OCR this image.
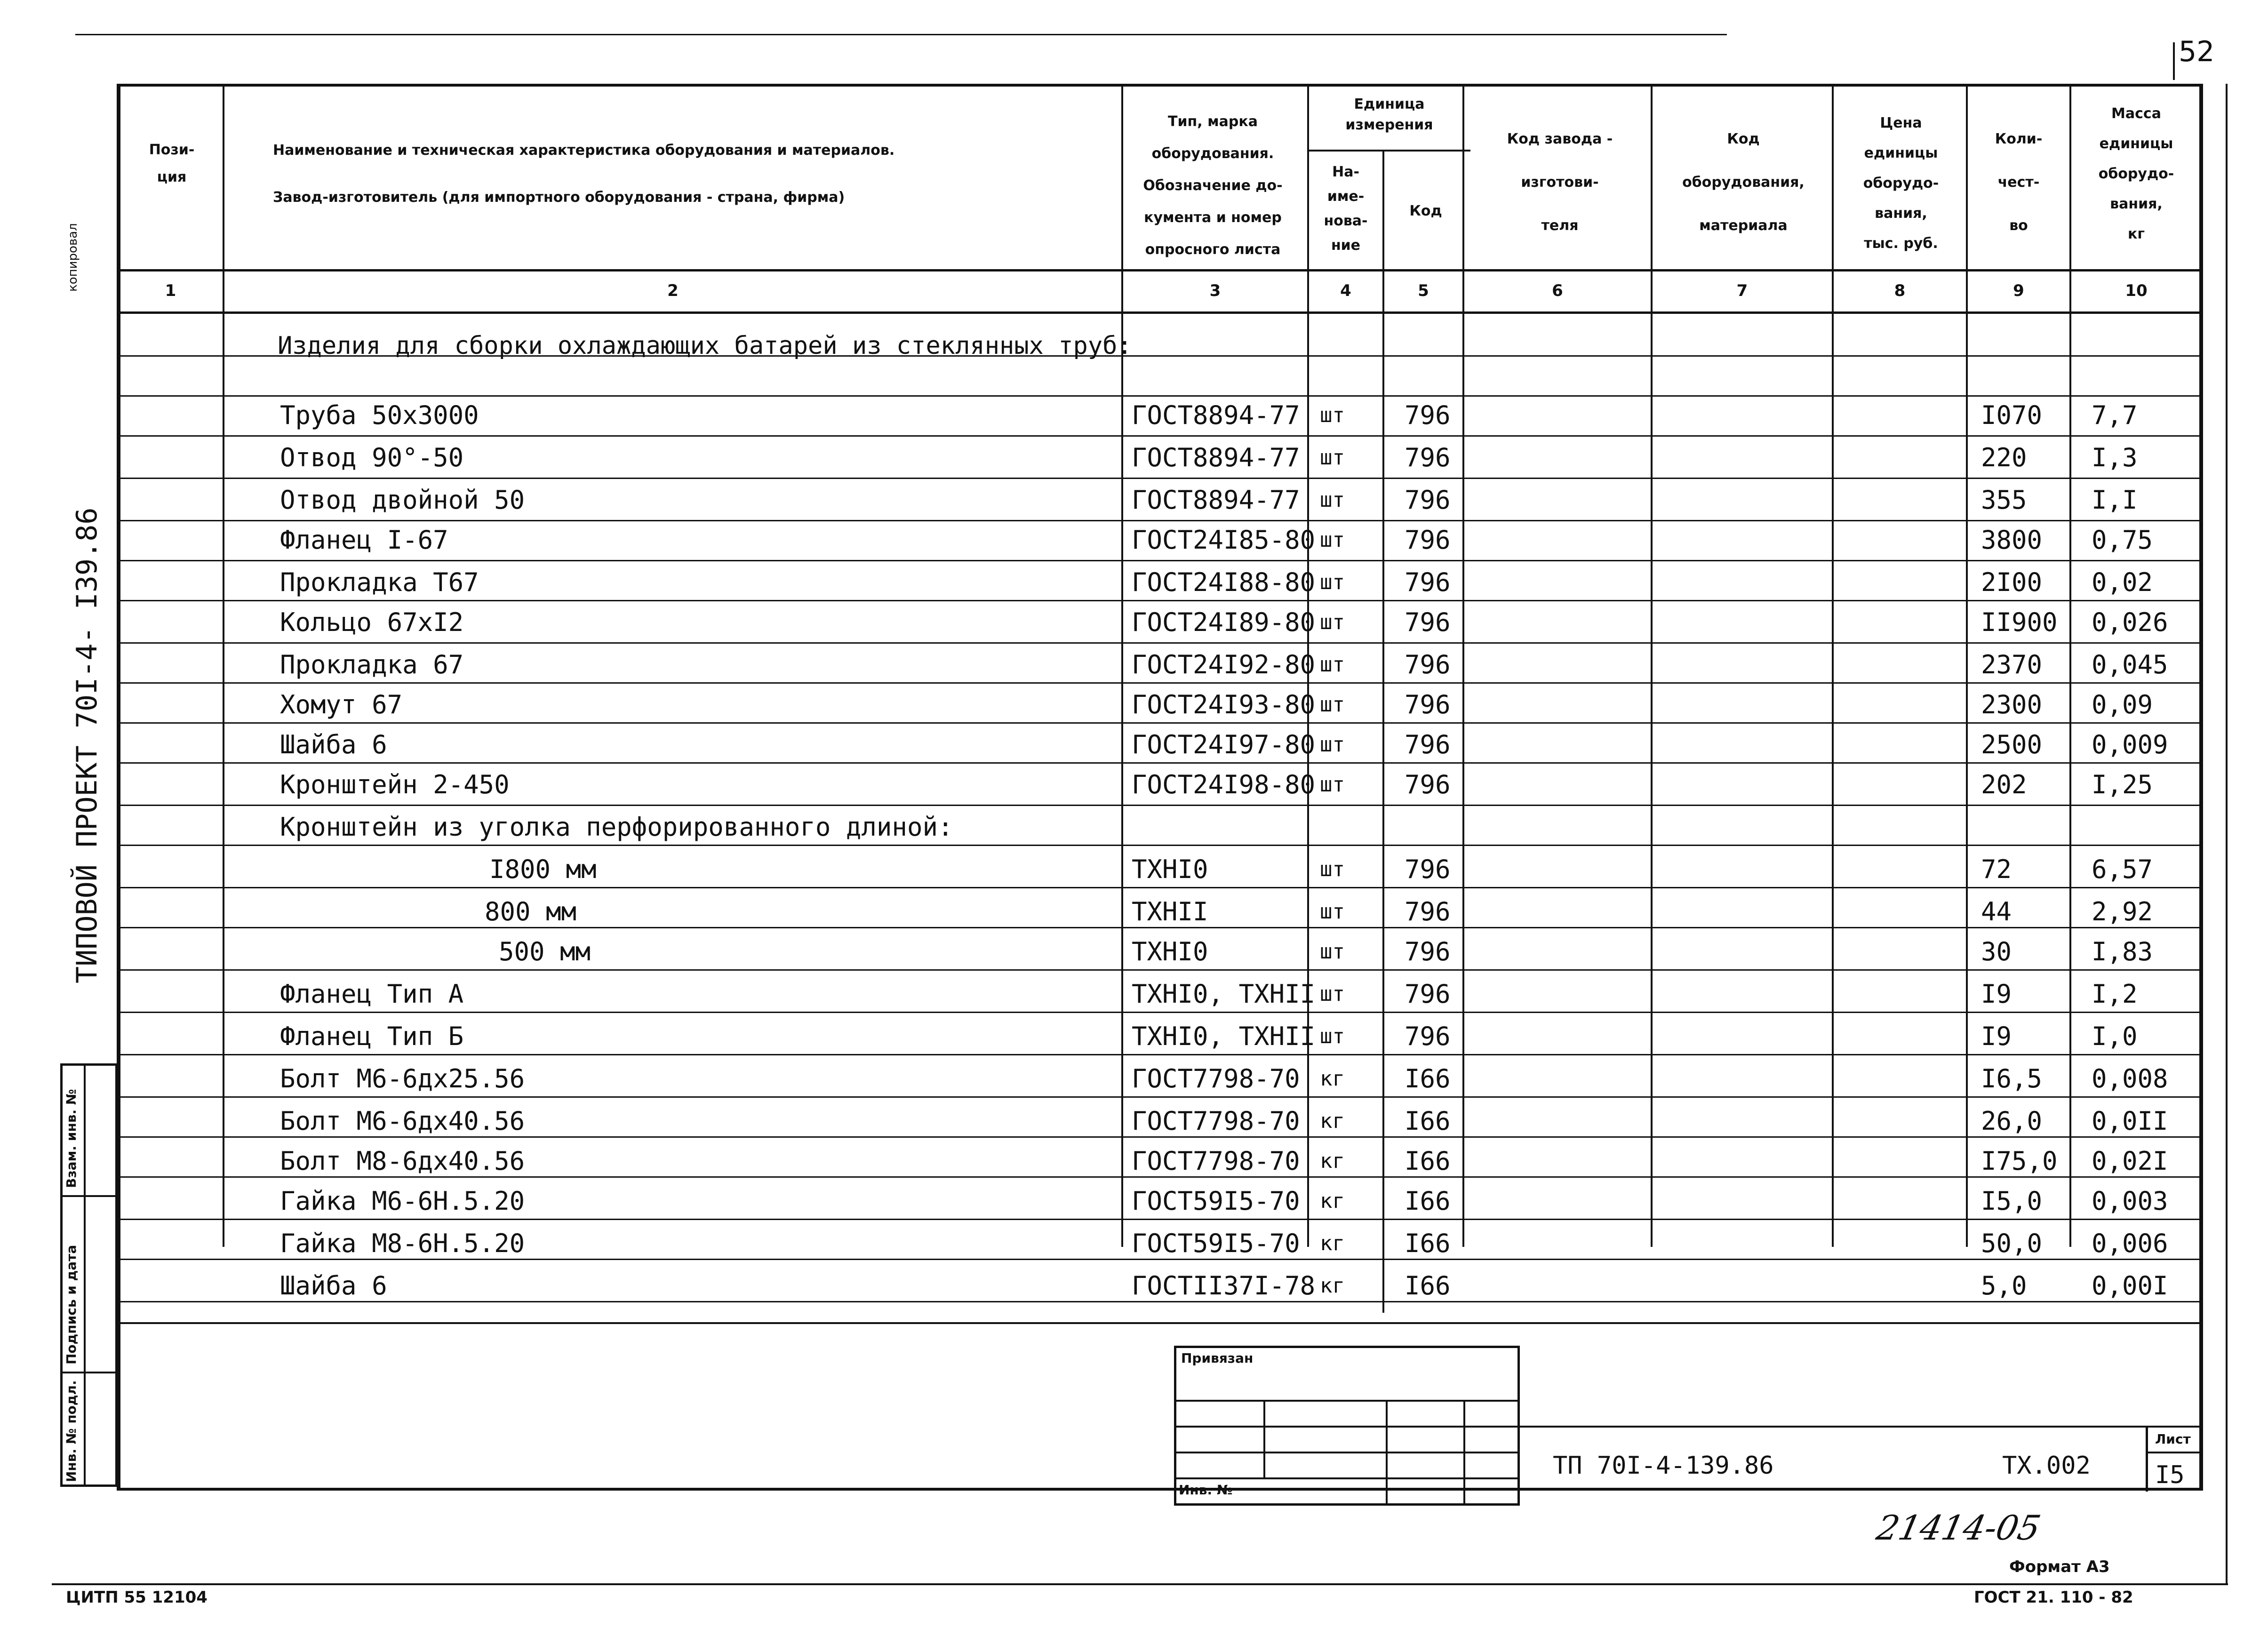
52
Пози-
ция
Наименование и техническая характеристика оборудования и материалов.
Завод-изготовитель (для импортного оборудования - страна, фирма)
Тип, марка
оборудования.
Обозначение до-
кумента и номер
опросного листа
Единица
измерения
На-
име-
нова-
ние
Код
Код завода -
изготови-
теля
Код
оборудования,
материала
Цена
единицы
оборудо-
вания,
тыс. руб.
Коли-
чест-
во
Масса
единицы
оборудо-
вания,
кг
1	2	3	4	5	6	7	8	9	10
Изделия для сборки охлаждающих батарей из стеклянных труб:
Труба 50х3000	ГОСТ8894-77 шт 796	I070 7,7
Отвод 90°-50	ГОСТ8894-77 шт 796	220	I,3
Отвод двойной 50	ГОСТ8894-77 шт 796	355	I,I
Фланец I-67	ГОСТ24I85-80 шт 796	3800 0,75
Прокладка Т67	ГОСТ24I88-80 шт 796	2I00 0,02
Кольцо 67хI2	ГОСТ24I89-80 шт 796	II900 0,026
Прокладка 67	ГОСТ24I92-80 шт 796	2370 0,045
Хомут 67	ГОСТ24I93-80 шт 796	2300 0,09
Шайба 6	ГОСТ24I97-80 шт 796	2500 0,009
Кронштейн 2-450	ГОСТ24I98-80 шт 796	202	I,25
Кронштейн из уголка перфорированного длиной:
I800 мм	ТХНI0	шт 796	72	6,57
800 мм	ТХНII	шт 796	44	2,92
500 мм	ТХНI0	шт 796	30	I,83
Фланец Тип А	ТХНI0, ТХНII шт 796	I9	I,2
Фланец Тип Б	ТХНI0, ТХНII шт 796	I9	I,0
Болт М6-6дх25.56	ГОСТ7798-70 кг I66	I6,5 0,008
Болт М6-6дх40.56	ГОСТ7798-70 кг I66	26,0 0,0II
Болт М8-6дх40.56	ГОСТ7798-70 кг I66	I75,0 0,02I
Гайка М6-6Н.5.20	ГОСТ59I5-70 кг I66	I5,0 0,003
Гайка М8-6Н.5.20	ГОСТ59I5-70 кг I66	50,0 0,006
Шайба 6	ГОСТII37I-78 кг I66	5,0	0,00I
Инв. № подл.
Подпись и дата
Взам. инв. №
ТИПОВОЙ ПРОЕКТ 70I-4- I39.86
копировал
Привязан
Инв. №
ТП 70I-4-139.86	ТХ.002
Лист
I5
21414-05
Формат А3
ЦИТП 55 12104	ГОСТ 21. 110 - 82
